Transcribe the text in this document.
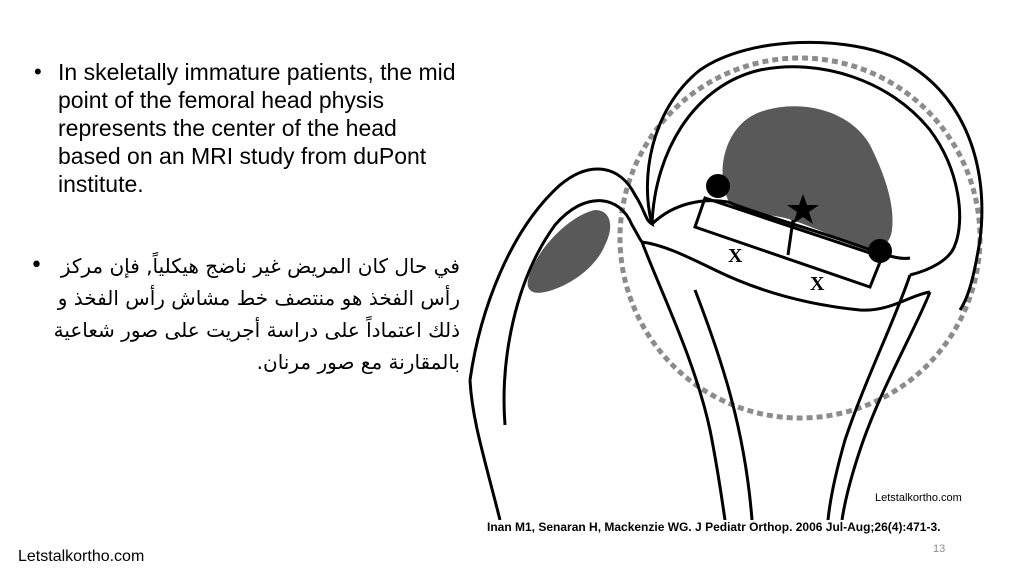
• In skeletally immature patients, the mid point of the femoral head physis represents the center of the head based on an MRI study from duPont institute.
• في حال كان المريض غير ناضج هيكلياً, فإن مركز رأس الفخذ هو منتصف خط مشاش رأس الفخذ و ذلك اعتماداً على دراسة أجريت على صور شعاعية بالمقارنة مع صور مرنان.
X
X
Letstalkortho.com
Inan M1, Senaran H, Mackenzie WG. J Pediatr Orthop. 2006 Jul-Aug;26(4):471-3.
13
Letstalkortho.com
